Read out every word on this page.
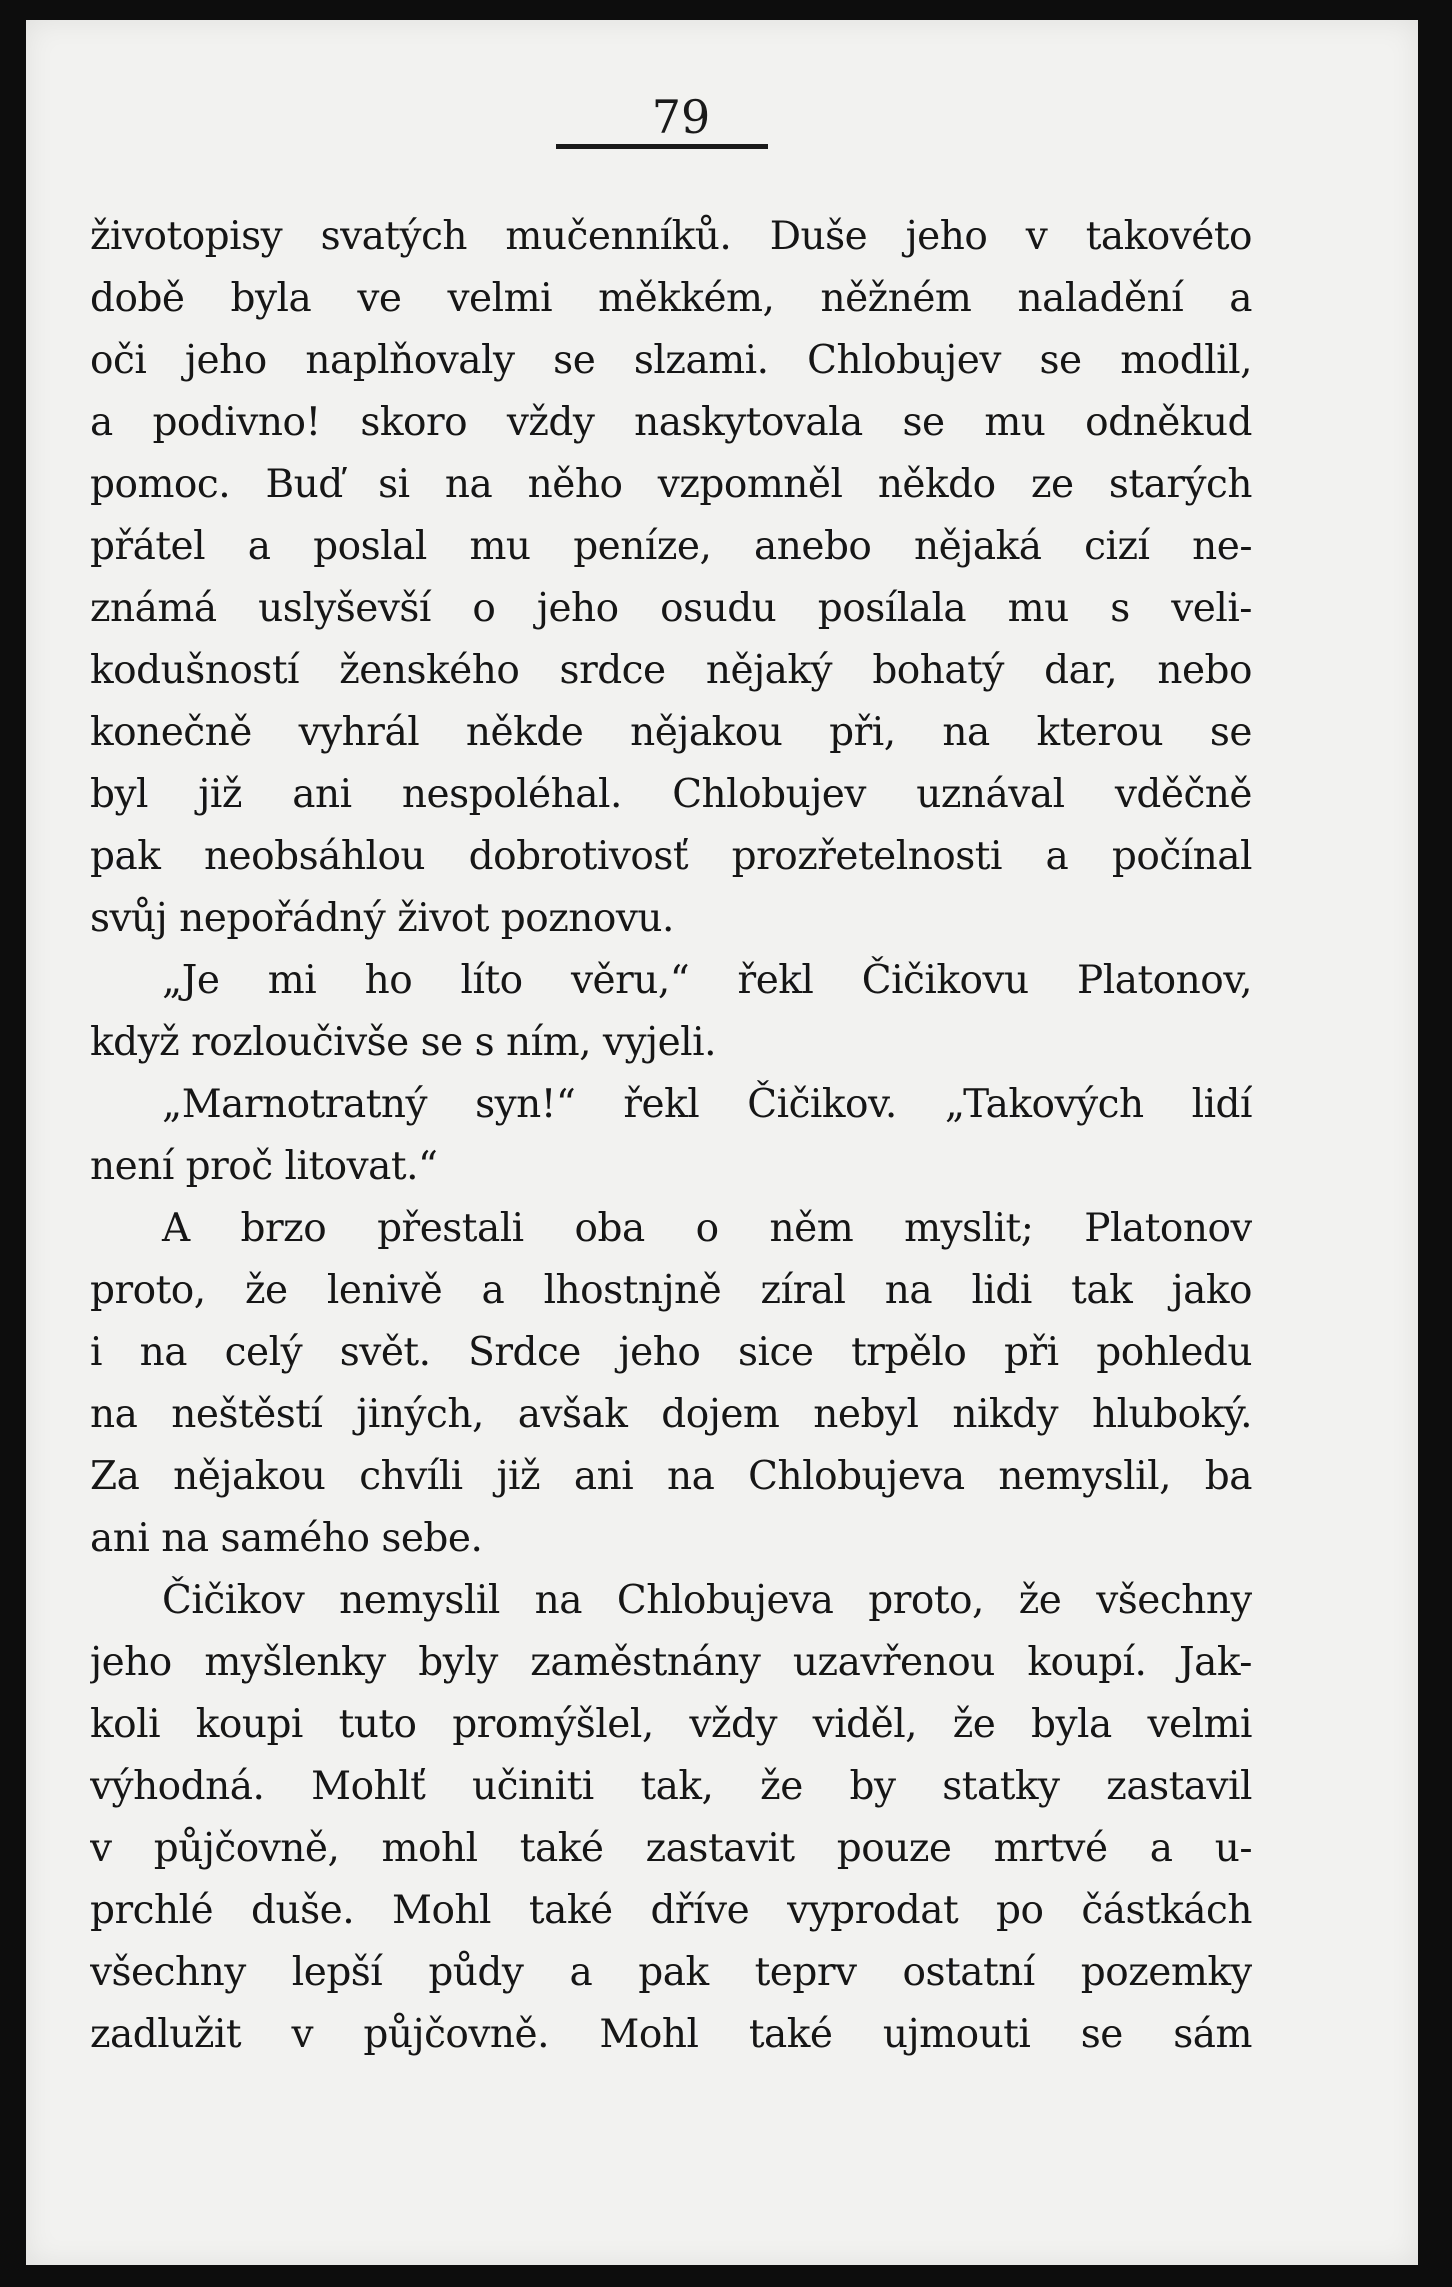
79
životopisy svatých mučenníků. Duše jeho v takovéto
době byla ve velmi měkkém, něžném naladění a
oči jeho naplňovaly se slzami. Chlobujev se modlil,
a podivno! skoro vždy naskytovala se mu odněkud
pomoc. Buď si na něho vzpomněl někdo ze starých
přátel a poslal mu peníze, anebo nějaká cizí ne-
známá uslyševší o jeho osudu posílala mu s veli-
kodušností ženského srdce nějaký bohatý dar, nebo
konečně vyhrál někde nějakou při, na kterou se
byl již ani nespoléhal. Chlobujev uznával vděčně
pak neobsáhlou dobrotivosť prozřetelnosti a počínal
svůj nepořádný život poznovu.
„Je mi ho líto věru,“ řekl Čičikovu Platonov,
když rozloučivše se s ním, vyjeli.
„Marnotratný syn!“ řekl Čičikov. „Takových lidí
není proč litovat.“
A brzo přestali oba o něm myslit; Platonov
proto, že lenivě a lhostnjně zíral na lidi tak jako
i na celý svět. Srdce jeho sice trpělo při pohledu
na neštěstí jiných, avšak dojem nebyl nikdy hluboký.
Za nějakou chvíli již ani na Chlobujeva nemyslil, ba
ani na samého sebe.
Čičikov nemyslil na Chlobujeva proto, že všechny
jeho myšlenky byly zaměstnány uzavřenou koupí. Jak-
koli koupi tuto promýšlel, vždy viděl, že byla velmi
výhodná. Mohlť učiniti tak, že by statky zastavil
v půjčovně, mohl také zastavit pouze mrtvé a u-
prchlé duše. Mohl také dříve vyprodat po částkách
všechny lepší půdy a pak teprv ostatní pozemky
zadlužit v půjčovně. Mohl také ujmouti se sám
